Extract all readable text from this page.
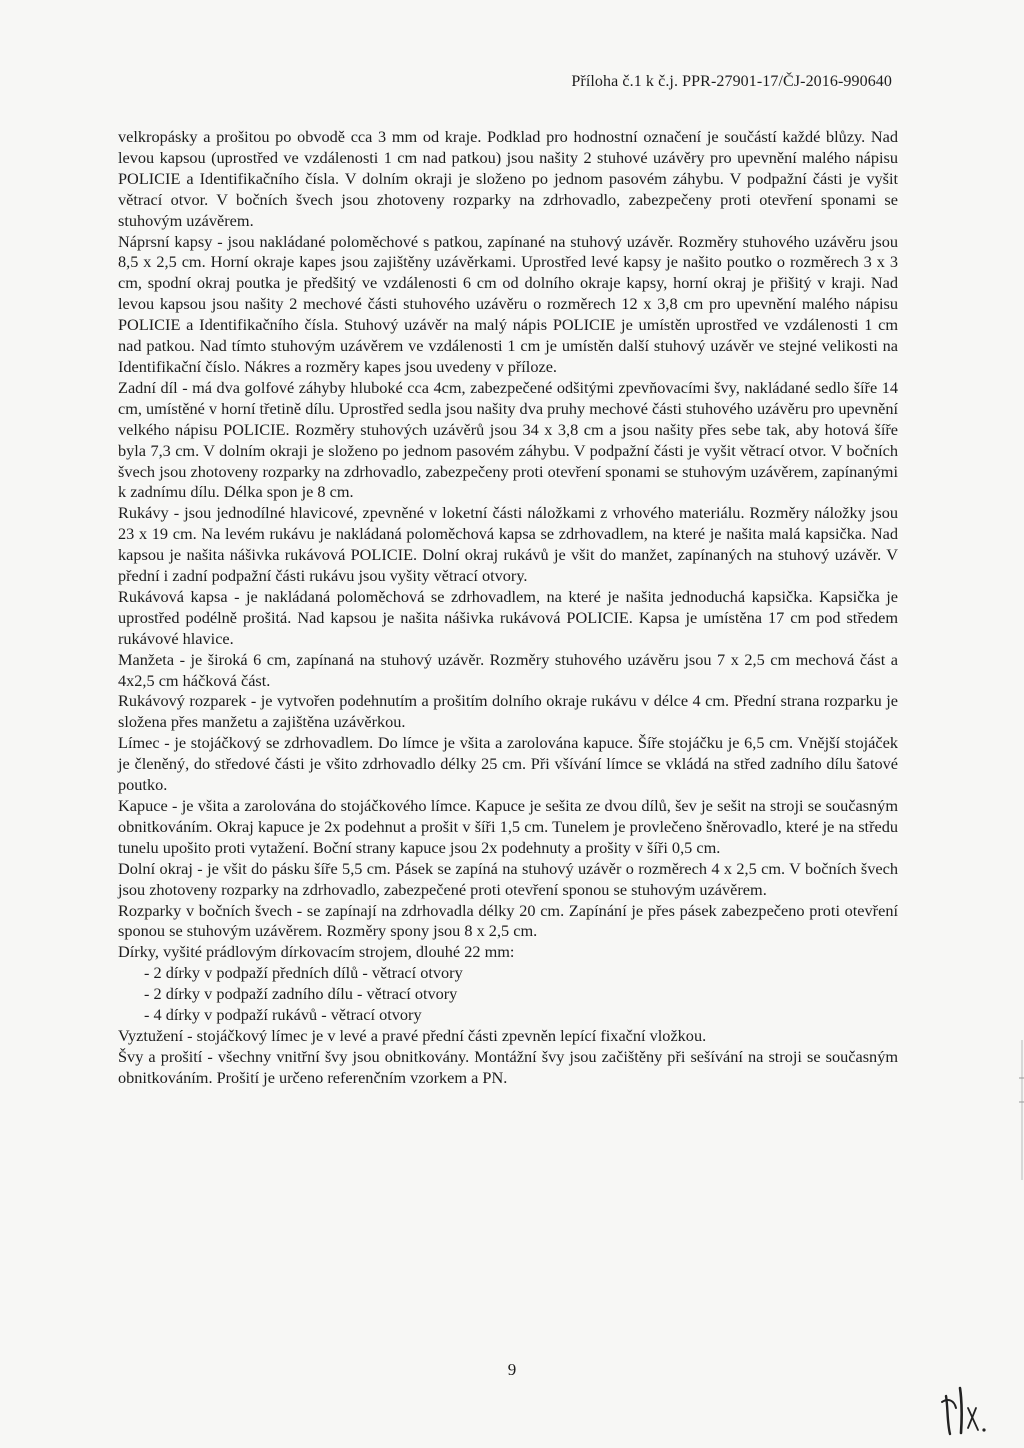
Příloha č.1 k č.j. PPR-27901-17/ČJ-2016-990640

velkropásky a prošitou po obvodě cca 3 mm od kraje. Podklad pro hodnostní označení je součástí každé blůzy. Nad levou kapsou (uprostřed ve vzdálenosti 1 cm nad patkou) jsou našity 2 stuhové uzávěry pro upevnění malého nápisu POLICIE a Identifikačního čísla. V dolním okraji je složeno po jednom pasovém záhybu. V podpažní části je vyšit větrací otvor. V bočních švech jsou zhotoveny rozparky na zdrhovadlo, zabezpečeny proti otevření sponami se stuhovým uzávěrem.

Náprsní kapsy - jsou nakládané poloměchové s patkou, zapínané na stuhový uzávěr. Rozměry stuhového uzávěru jsou 8,5 x 2,5 cm. Horní okraje kapes jsou zajištěny uzávěrkami. Uprostřed levé kapsy je našito poutko o rozměrech 3 x 3 cm, spodní okraj poutka je předšitý ve vzdálenosti 6 cm od dolního okraje kapsy, horní okraj je přišitý v kraji. Nad levou kapsou jsou našity 2 mechové části stuhového uzávěru o rozměrech 12 x 3,8 cm pro upevnění malého nápisu POLICIE a Identifikačního čísla. Stuhový uzávěr na malý nápis POLICIE je umístěn uprostřed ve vzdálenosti 1 cm nad patkou. Nad tímto stuhovým uzávěrem ve vzdálenosti 1 cm je umístěn další stuhový uzávěr ve stejné velikosti na Identifikační číslo. Nákres a rozměry kapes jsou uvedeny v příloze.

Zadní díl - má dva golfové záhyby hluboké cca 4cm, zabezpečené odšitými zpevňovacími švy, nakládané sedlo šíře 14 cm, umístěné v horní třetině dílu. Uprostřed sedla jsou našity dva pruhy mechové části stuhového uzávěru pro upevnění velkého nápisu POLICIE. Rozměry stuhových uzávěrů jsou 34 x 3,8 cm a jsou našity přes sebe tak, aby hotová šíře byla 7,3 cm. V dolním okraji je složeno po jednom pasovém záhybu. V podpažní části je vyšit větrací otvor. V bočních švech jsou zhotoveny rozparky na zdrhovadlo, zabezpečeny proti otevření sponami se stuhovým uzávěrem, zapínanými k zadnímu dílu. Délka spon je 8 cm.

Rukávy - jsou jednodílné hlavicové, zpevněné v loketní části náložkami z vrhového materiálu. Rozměry náložky jsou 23 x 19 cm. Na levém rukávu je nakládaná poloměchová kapsa se zdrhovadlem, na které je našita malá kapsička. Nad kapsou je našita nášivka rukávová POLICIE. Dolní okraj rukávů je všit do manžet, zapínaných na stuhový uzávěr. V přední i zadní podpažní části rukávu jsou vyšity větrací otvory.

Rukávová kapsa - je nakládaná poloměchová se zdrhovadlem, na které je našita jednoduchá kapsička. Kapsička je uprostřed podélně prošitá. Nad kapsou je našita nášivka rukávová POLICIE. Kapsa je umístěna 17 cm pod středem rukávové hlavice.

Manžeta - je široká 6 cm, zapínaná na stuhový uzávěr. Rozměry stuhového uzávěru jsou 7 x 2,5 cm mechová část a 4x2,5 cm háčková část.

Rukávový rozparek - je vytvořen podehnutím a prošitím dolního okraje rukávu v délce 4 cm. Přední strana rozparku je složena přes manžetu a zajištěna uzávěrkou.

Límec - je stojáčkový se zdrhovadlem. Do límce je všita a zarolována kapuce. Šíře stojáčku je 6,5 cm. Vnější stojáček je členěný, do středové části je všito zdrhovadlo délky 25 cm. Při všívání límce se vkládá na střed zadního dílu šatové poutko.

Kapuce - je všita a zarolována do stojáčkového límce. Kapuce je sešita ze dvou dílů, šev je sešit na stroji se současným obnitkováním. Okraj kapuce je 2x podehnut a prošit v šíři 1,5 cm. Tunelem je provlečeno šněrovadlo, které je na středu tunelu upošito proti vytažení. Boční strany kapuce jsou 2x podehnuty a prošity v šíři 0,5 cm.

Dolní okraj - je všit do pásku šíře 5,5 cm. Pásek se zapíná na stuhový uzávěr o rozměrech 4 x 2,5 cm. V bočních švech jsou zhotoveny rozparky na zdrhovadlo, zabezpečené proti otevření sponou se stuhovým uzávěrem.

Rozparky v bočních švech - se zapínají na zdrhovadla délky 20 cm. Zapínání je přes pásek zabezpečeno proti otevření sponou se stuhovým uzávěrem. Rozměry spony jsou 8 x 2,5 cm.

Dírky, vyšité prádlovým dírkovacím strojem, dlouhé 22 mm:

- 2 dírky v podpaží předních dílů - větrací otvory

- 2 dírky v podpaží zadního dílu - větrací otvory

- 4 dírky v podpaží rukávů - větrací otvory

Vyztužení - stojáčkový límec je v levé a pravé přední části zpevněn lepící fixační vložkou.

Švy a prošití - všechny vnitřní švy jsou obnitkovány. Montážní švy jsou začištěny při sešívání na stroji se současným obnitkováním. Prošití je určeno referenčním vzorkem a PN.

9
